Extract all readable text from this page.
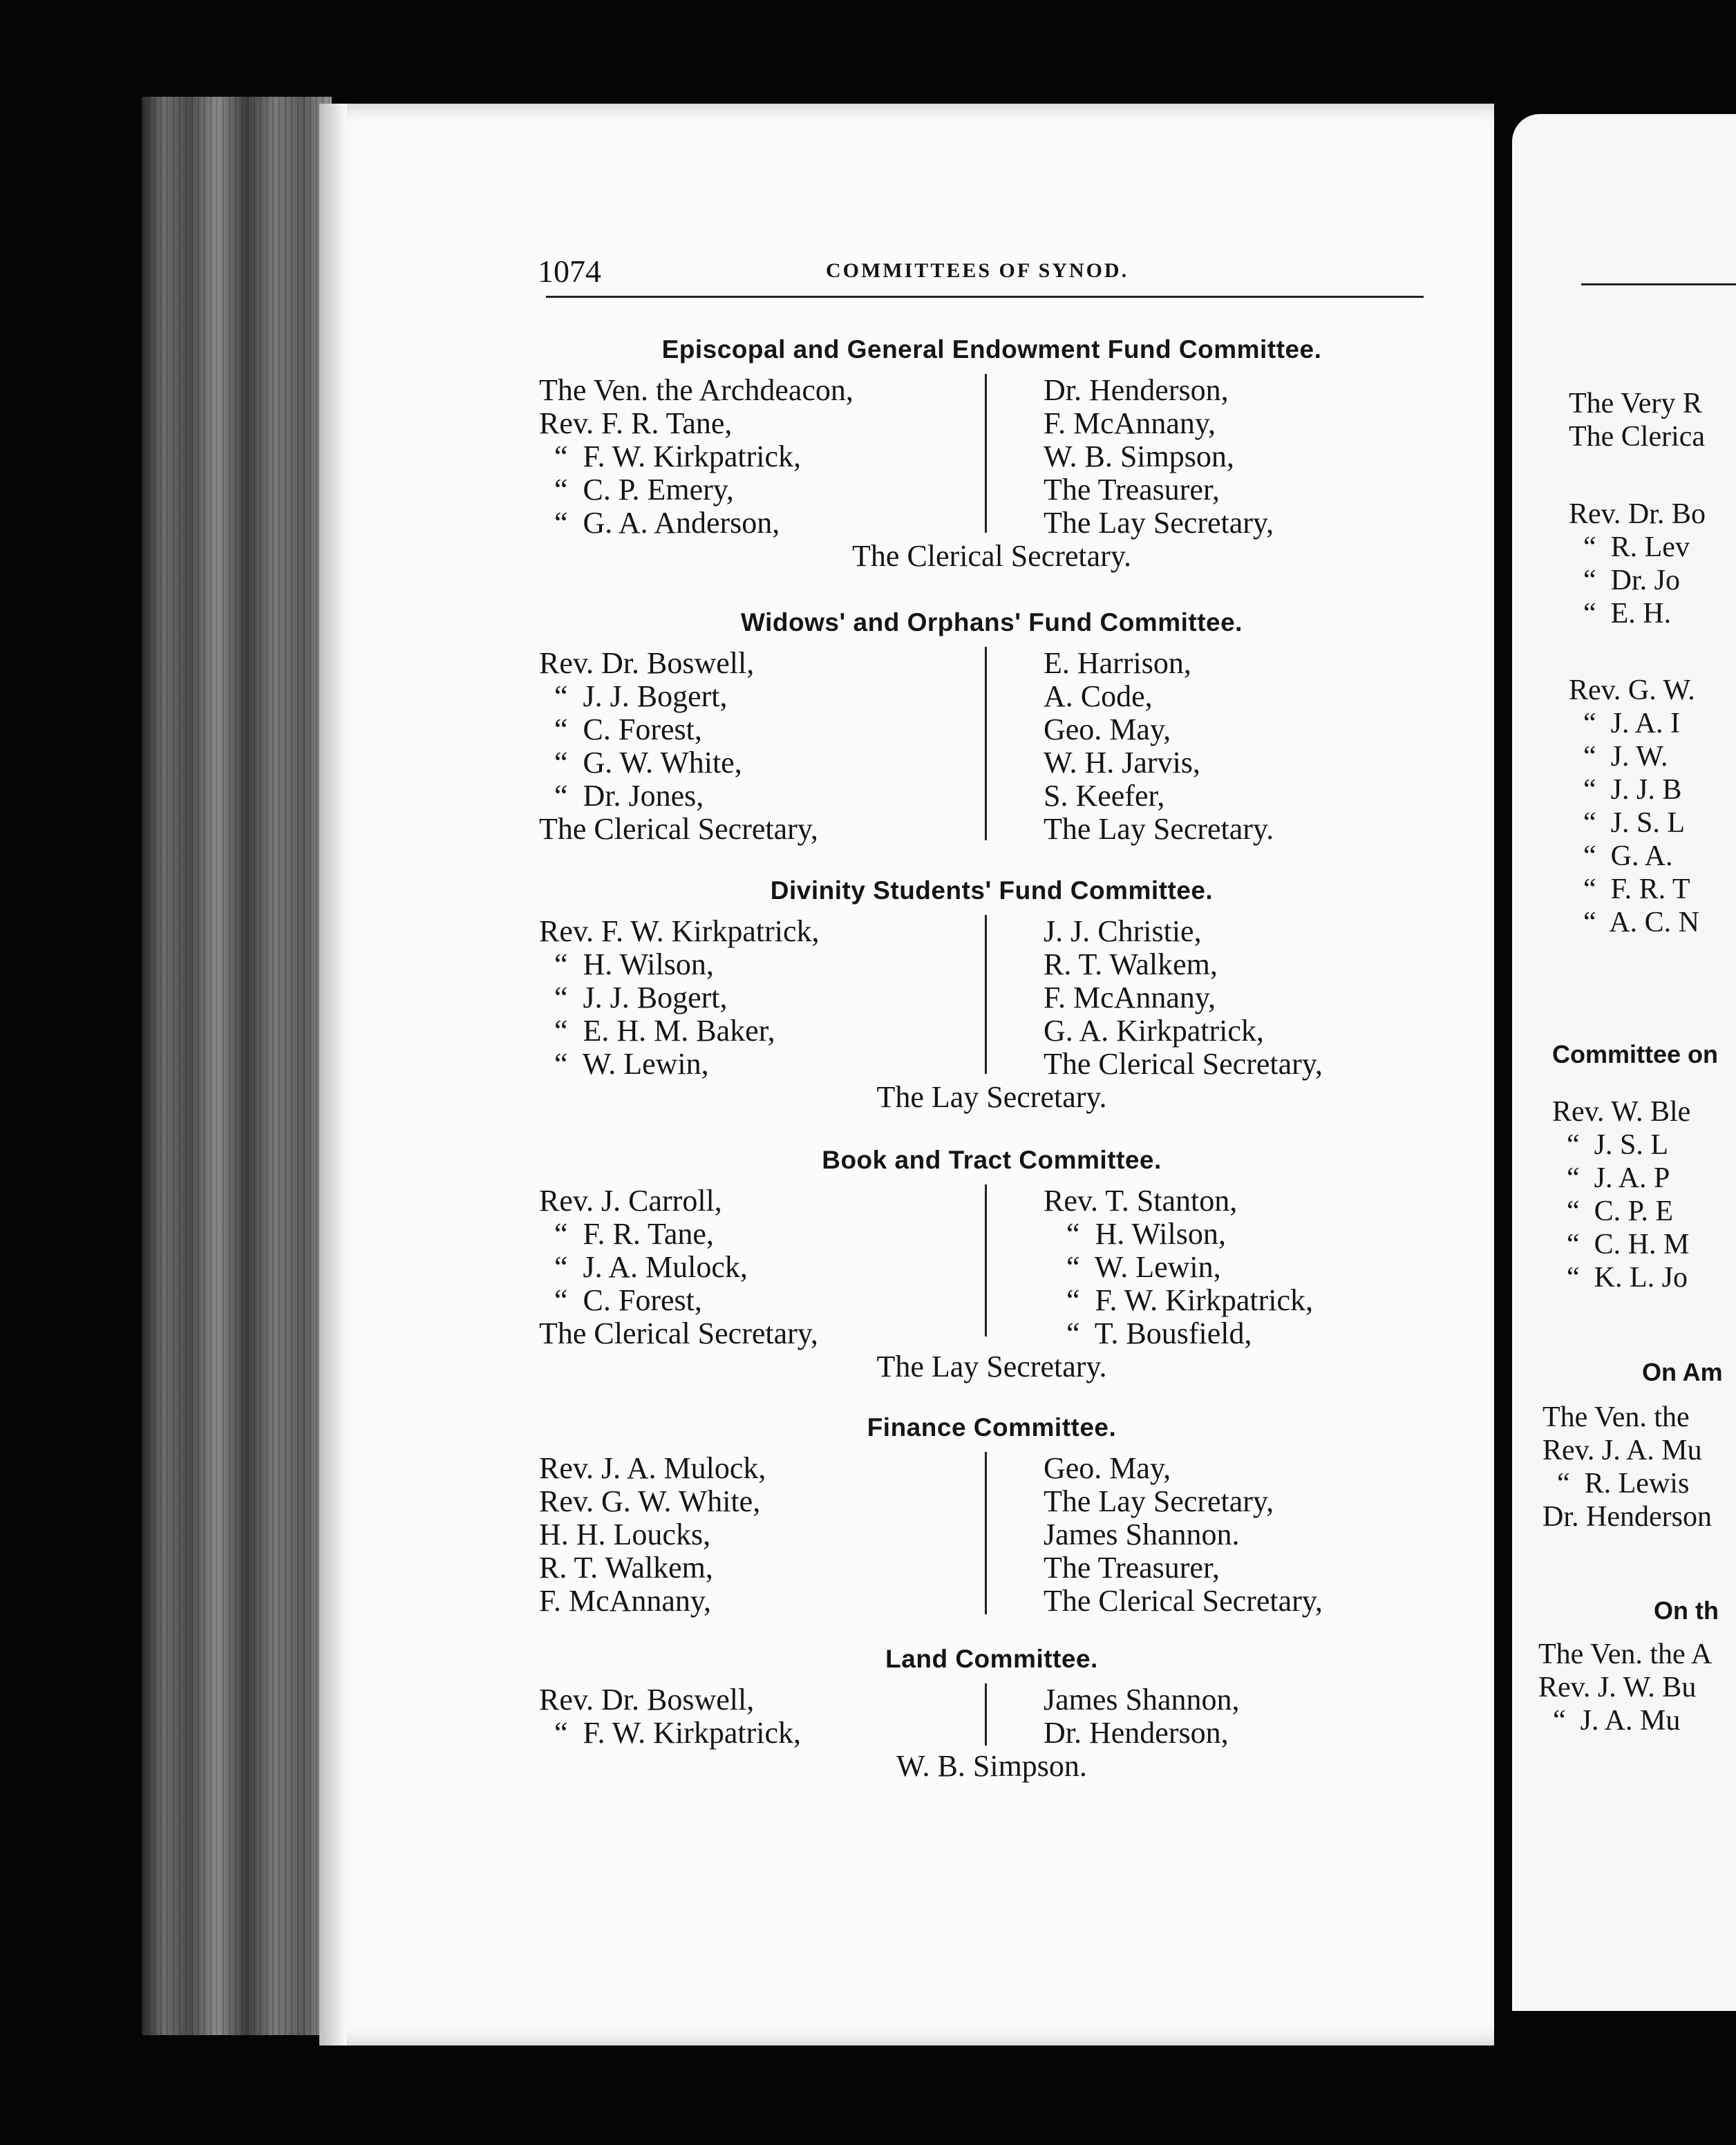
1074	COMMITTEES OF SYNOD.
Episcopal and General Endowment Fund Committee.
The Ven. the Archdeacon,
Rev. F. R. Tane,
“  F. W. Kirkpatrick,
“  C. P. Emery,
“  G. A. Anderson,
Dr. Henderson,
F. McAnnany,
W. B. Simpson,
The Treasurer,
The Lay Secretary,
The Clerical Secretary.
Widows' and Orphans' Fund Committee.
Rev. Dr. Boswell,
“  J. J. Bogert,
“  C. Forest,
“  G. W. White,
“  Dr. Jones,
The Clerical Secretary,
E. Harrison,
A. Code,
Geo. May,
W. H. Jarvis,
S. Keefer,
The Lay Secretary.
Divinity Students' Fund Committee.
Rev. F. W. Kirkpatrick,
“  H. Wilson,
“  J. J. Bogert,
“  E. H. M. Baker,
“  W. Lewin,
J. J. Christie,
R. T. Walkem,
F. McAnnany,
G. A. Kirkpatrick,
The Clerical Secretary,
The Lay Secretary.
Book and Tract Committee.
Rev. J. Carroll,
“  F. R. Tane,
“  J. A. Mulock,
“  C. Forest,
The Clerical Secretary,
Rev. T. Stanton,
“  H. Wilson,
“  W. Lewin,
“  F. W. Kirkpatrick,
“  T. Bousfield,
The Lay Secretary.
Finance Committee.
Rev. J. A. Mulock,
Rev. G. W. White,
H. H. Loucks,
R. T. Walkem,
F. McAnnany,
Geo. May,
The Lay Secretary,
James Shannon.
The Treasurer,
The Clerical Secretary,
Land Committee.
Rev. Dr. Boswell,
“  F. W. Kirkpatrick,
James Shannon,
Dr. Henderson,
W. B. Simpson.
The Very R
The Clerica
Rev. Dr. Bo
“  R. Lev
“  Dr. Jo
“  E. H.
Rev. G. W.
“  J. A. I
“  J. W.
“  J. J. B
“  J. S. L
“  G. A.
“  F. R. T
“  A. C. N
Committee on
Rev. W. Ble
“  J. S. L
“  J. A. P
“  C. P. E
“  C. H. M
“  K. L. Jo
On Am
The Ven. the
Rev. J. A. Mu
“  R. Lewis
Dr. Henderson
On th
The Ven. the A
Rev. J. W. Bu
“  J. A. Mu
